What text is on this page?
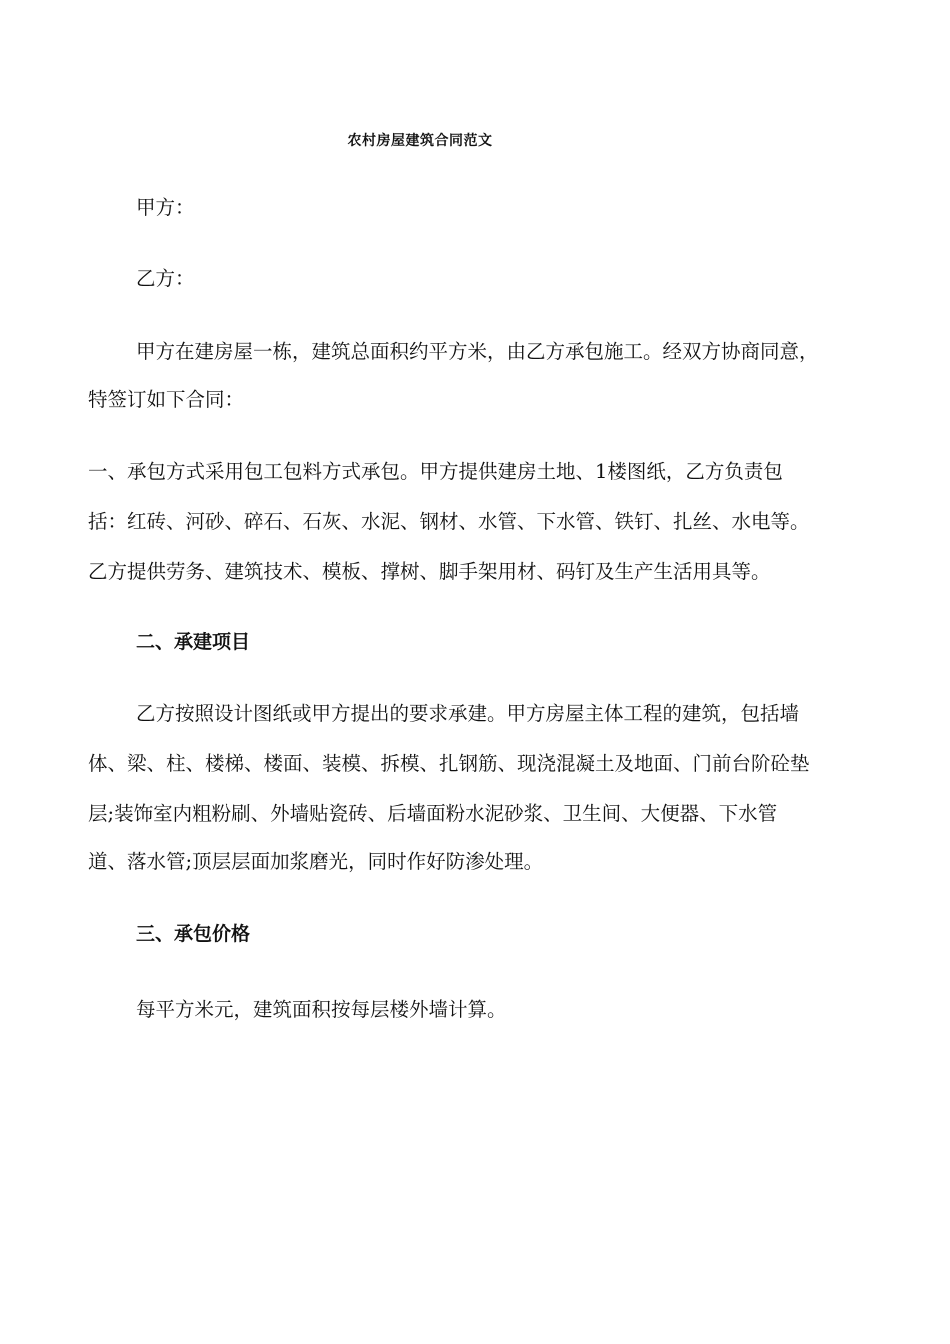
农村房屋建筑合同范文
甲方：
乙方：
甲方在建房屋一栋，建筑总面积约平方米，由乙方承包施工。经双方协商同意，
特签订如下合同：
一、承包方式采用包工包料方式承包。甲方提供建房土地、1楼图纸，乙方负责包
括：红砖、河砂、碎石、石灰、水泥、钢材、水管、下水管、铁钉、扎丝、水电等。
乙方提供劳务、建筑技术、模板、撑树、脚手架用材、码钉及生产生活用具等。
二、承建项目
乙方按照设计图纸或甲方提出的要求承建。甲方房屋主体工程的建筑，包括墙
体、梁、柱、楼梯、楼面、装模、拆模、扎钢筋、现浇混凝土及地面、门前台阶砼垫
层;装饰室内粗粉刷、外墙贴瓷砖、后墙面粉水泥砂浆、卫生间、大便器、下水管
道、落水管;顶层层面加浆磨光，同时作好防渗处理。
三、承包价格
每平方米元，建筑面积按每层楼外墙计算。
